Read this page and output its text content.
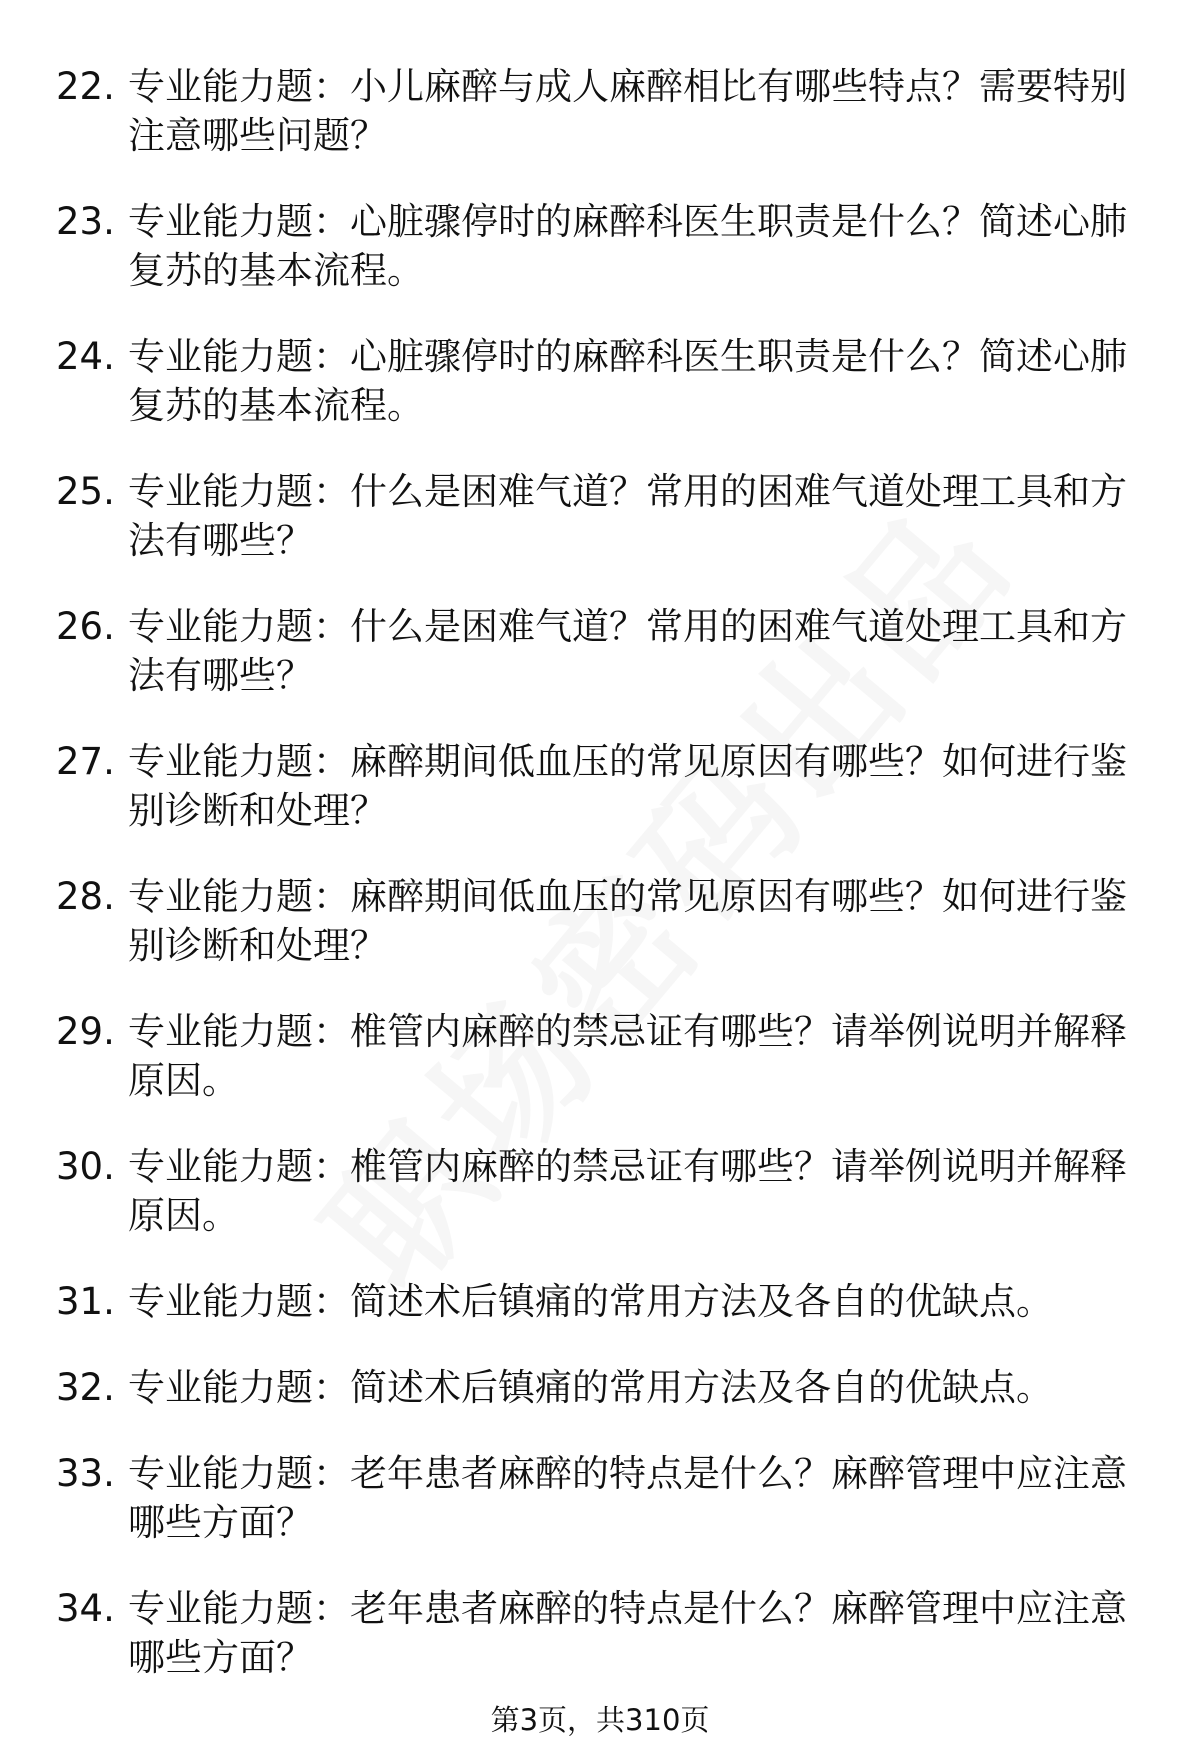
22. 专业能力题：小儿麻醉与成人麻醉相比有哪些特点？需要特别注意哪些问题？
23. 专业能力题：心脏骤停时的麻醉科医生职责是什么？简述心肺复苏的基本流程。
24. 专业能力题：心脏骤停时的麻醉科医生职责是什么？简述心肺复苏的基本流程。
25. 专业能力题：什么是困难气道？常用的困难气道处理工具和方法有哪些？
26. 专业能力题：什么是困难气道？常用的困难气道处理工具和方法有哪些？
27. 专业能力题：麻醉期间低血压的常见原因有哪些？如何进行鉴别诊断和处理？
28. 专业能力题：麻醉期间低血压的常见原因有哪些？如何进行鉴别诊断和处理？
29. 专业能力题：椎管内麻醉的禁忌证有哪些？请举例说明并解释原因。
30. 专业能力题：椎管内麻醉的禁忌证有哪些？请举例说明并解释原因。
31. 专业能力题：简述术后镇痛的常用方法及各自的优缺点。
32. 专业能力题：简述术后镇痛的常用方法及各自的优缺点。
33. 专业能力题：老年患者麻醉的特点是什么？麻醉管理中应注意哪些方面？
34. 专业能力题：老年患者麻醉的特点是什么？麻醉管理中应注意哪些方面？
第3页，共310页
